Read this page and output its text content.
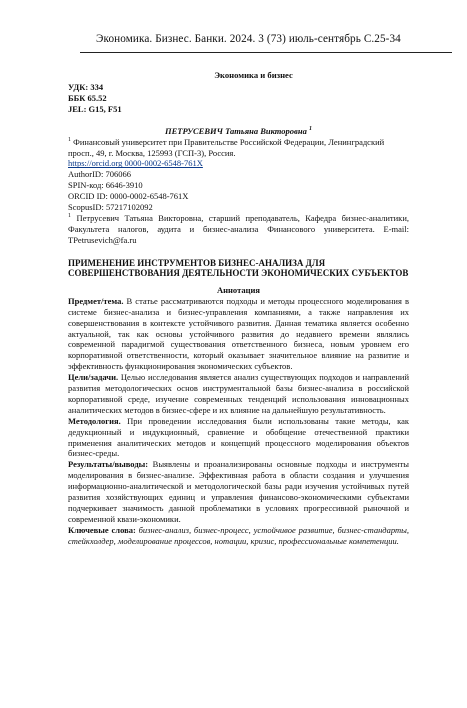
Экономика. Бизнес. Банки. 2024. 3 (73) июль-сентябрь С.25-34
Экономика и бизнес
УДК: 334
ББК 65.52
JEL: G15, F51
ПЕТРУСЕВИЧ Татьяна Викторовна $^1$
$^1$ Финансовый университет при Правительстве Российской Федерации, Ленинградский просп., 49, г. Москва, 125993 (ГСП-3), Россия.
https://orcid.org 0000-0002-6548-761X
AuthorID: 706066
SPIN-код: 6646-3910
ORCID ID: 0000-0002-6548-761X
ScopusID: 57217102092
$^1$ Петрусевич Татьяна Викторовна, старший преподаватель, Кафедра бизнес-аналитики, Факультета налогов, аудита и бизнес-анализа Финансового университета. E-mail: TPetrusevich@fa.ru
ПРИМЕНЕНИЕ ИНСТРУМЕНТОВ БИЗНЕС-АНАЛИЗА ДЛЯ СОВЕРШЕНСТВОВАНИЯ ДЕЯТЕЛЬНОСТИ ЭКОНОМИЧЕСКИХ СУБЪЕКТОВ
Аннотация
Предмет/тема. В статье рассматриваются подходы и методы процессного моделирования в системе бизнес-анализа и бизнес-управления компаниями, а также направления их совершенствования в контексте устойчивого развития. Данная тематика является особенно актуальной, так как основы устойчивого развития до недавнего времени являлись современной парадигмой существования ответственного бизнеса, новым уровнем его корпоративной ответственности, который оказывает значительное влияние на развитие и эффективность функционирования экономических субъектов.
Цели/задачи. Целью исследования является анализ существующих подходов и направлений развития методологических основ инструментальной базы бизнес-анализа в российской корпоративной среде, изучение современных тенденций использования инновационных аналитических методов в бизнес-сфере и их влияние на дальнейшую результативность.
Методология. При проведении исследования были использованы такие методы, как дедукционный и индукционный, сравнение и обобщение отечественной практики применения аналитических методов и концепций процессного моделирования объектов бизнес-среды.
Результаты/выводы: Выявлены и проанализированы основные подходы и инструменты моделирования в бизнес-анализе. Эффективная работа в области создания и улучшения информационно-аналитической и методологической базы ради изучения устойчивых путей развития хозяйствующих единиц и управления финансово-экономическими субъектами подчеркивает значимость данной проблематики в условиях прогрессивной рыночной и современной квази-экономики.
Ключевые слова: бизнес-анализ, бизнес-процесс, устойчивое развитие, бизнес-стандарты, стейкхолдер, моделирование процессов, нотации, кризис, профессиональные компетенции.
